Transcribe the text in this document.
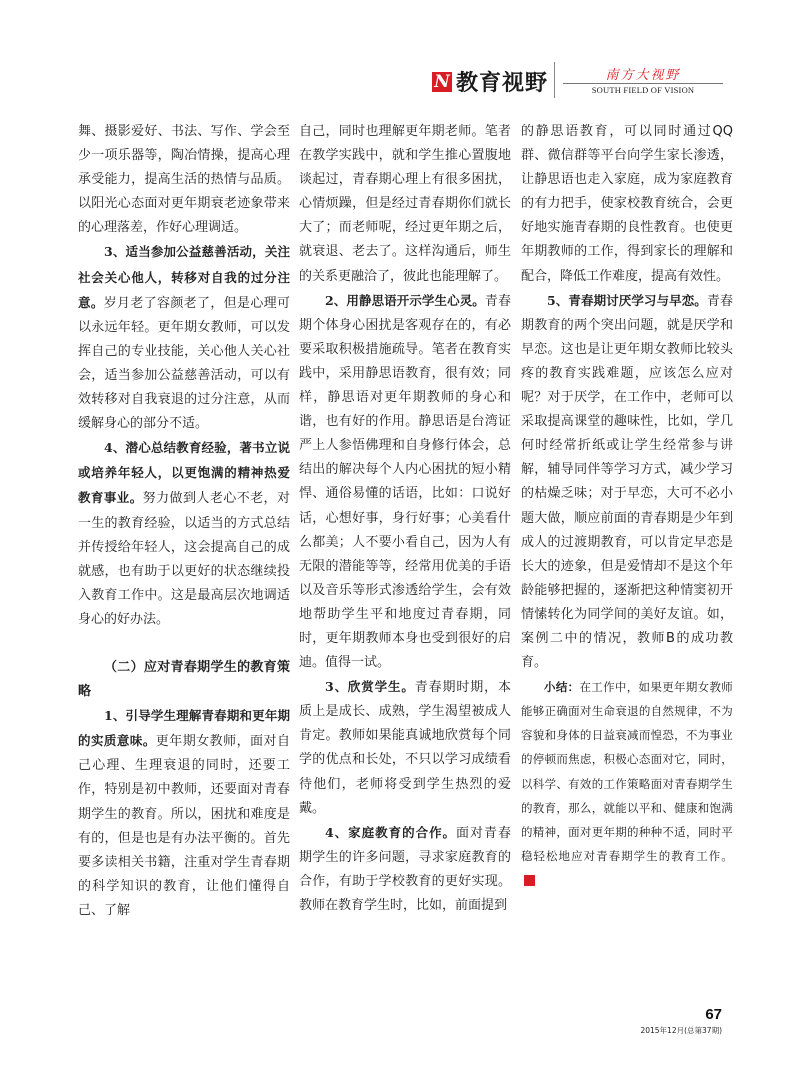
N 教育视野	南方大视野
SOUTH FIELD OF VISION

舞、摄影爱好、书法、写作、学会至少一项乐器等，陶冶情操，提高心理承受能力，提高生活的热情与品质。以阳光心态面对更年期衰老迹象带来的心理落差，作好心理调适。

3、适当参加公益慈善活动，关注社会关心他人，转移对自我的过分注意。岁月老了容颜老了，但是心理可以永远年轻。更年期女教师，可以发挥自己的专业技能，关心他人关心社会，适当参加公益慈善活动，可以有效转移对自我衰退的过分注意，从而缓解身心的部分不适。

4、潜心总结教育经验，著书立说或培养年轻人，以更饱满的精神热爱教育事业。努力做到人老心不老，对一生的教育经验，以适当的方式总结并传授给年轻人，这会提高自己的成就感，也有助于以更好的状态继续投入教育工作中。这是最高层次地调适身心的好办法。

（二）应对青春期学生的教育策略

1、引导学生理解青春期和更年期的实质意味。更年期女教师，面对自己心理、生理衰退的同时，还要工作，特别是初中教师，还要面对青春期学生的教育。所以，困扰和难度是有的，但是也是有办法平衡的。首先要多读相关书籍，注重对学生青春期的科学知识的教育，让他们懂得自己、了解

自己，同时也理解更年期老师。笔者在教学实践中，就和学生推心置腹地谈起过，青春期心理上有很多困扰，心情烦躁，但是经过青春期你们就长大了；而老师呢，经过更年期之后，就衰退、老去了。这样沟通后，师生的关系更融洽了，彼此也能理解了。

2、用静思语开示学生心灵。青春期个体身心困扰是客观存在的，有必要采取积极措施疏导。笔者在教育实践中，采用静思语教育，很有效；同样，静思语对更年期教师的身心和谐，也有好的作用。静思语是台湾证严上人参悟佛理和自身修行体会，总结出的解决每个人内心困扰的短小精悍、通俗易懂的话语，比如：口说好话，心想好事，身行好事；心美看什么都美；人不要小看自己，因为人有无限的潜能等等，经常用优美的手语以及音乐等形式渗透给学生，会有效地帮助学生平和地度过青春期，同时，更年期教师本身也受到很好的启迪。值得一试。

3、欣赏学生。青春期时期，本质上是成长、成熟，学生渴望被成人肯定。教师如果能真诚地欣赏每个同学的优点和长处，不只以学习成绩看待他们，老师将受到学生热烈的爱戴。

4、家庭教育的合作。面对青春期学生的许多问题，寻求家庭教育的合作，有助于学校教育的更好实现。教师在教育学生时，比如，前面提到

的静思语教育，可以同时通过QQ群、微信群等平台向学生家长渗透，让静思语也走入家庭，成为家庭教育的有力把手，使家校教育统合，会更好地实施青春期的良性教育。也使更年期教师的工作，得到家长的理解和配合，降低工作难度，提高有效性。

5、青春期讨厌学习与早恋。青春期教育的两个突出问题，就是厌学和早恋。这也是让更年期女教师比较头疼的教育实践难题，应该怎么应对呢？对于厌学，在工作中，老师可以采取提高课堂的趣味性，比如，学几何时经常折纸或让学生经常参与讲解，辅导同伴等学习方式，减少学习的枯燥乏味；对于早恋，大可不必小题大做，顺应前面的青春期是少年到成人的过渡期教育，可以肯定早恋是长大的迹象，但是爱情却不是这个年龄能够把握的，逐渐把这种情窦初开情愫转化为同学间的美好友谊。如，案例二中的情况，教师B的成功教育。

小结：在工作中，如果更年期女教师能够正确面对生命衰退的自然规律，不为容貌和身体的日益衰减而惶恐，不为事业的停顿而焦虑，积极心态面对它，同时，以科学、有效的工作策略面对青春期学生的教育，那么，就能以平和、健康和饱满的精神，面对更年期的种种不适，同时平稳轻松地应对青春期学生的教育工作。N

67
2015年12月(总第37期)
